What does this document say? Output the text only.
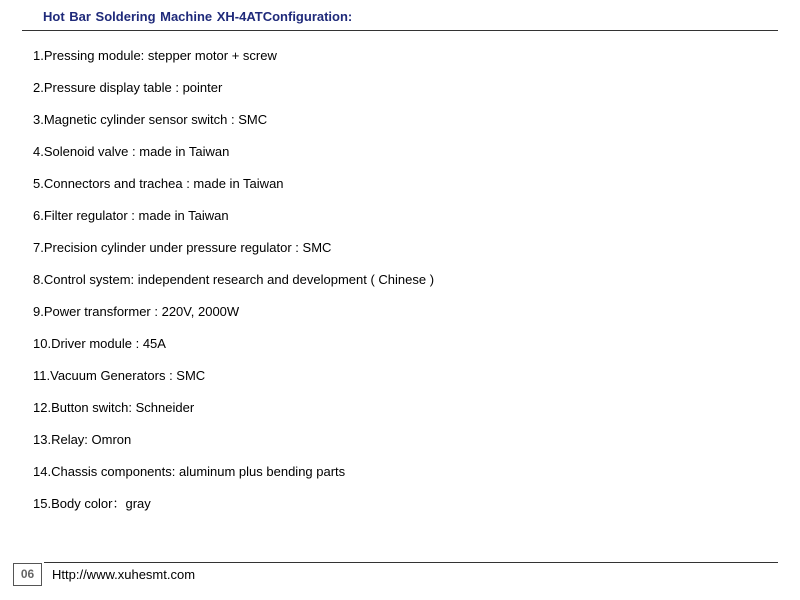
Hot Bar Soldering Machine XH-4ATConfiguration:
1.Pressing module: stepper motor + screw
2.Pressure display table : pointer
3.Magnetic cylinder sensor switch : SMC
4.Solenoid valve : made in Taiwan
5.Connectors and trachea : made in Taiwan
6.Filter regulator : made in Taiwan
7.Precision cylinder under pressure regulator : SMC
8.Control system: independent research and development ( Chinese )
9.Power transformer : 220V, 2000W
10.Driver module : 45A
11.Vacuum Generators : SMC
12.Button switch: Schneider
13.Relay: Omron
14.Chassis components: aluminum plus bending parts
15.Body color：gray
06	Http://www.xuhesmt.com
